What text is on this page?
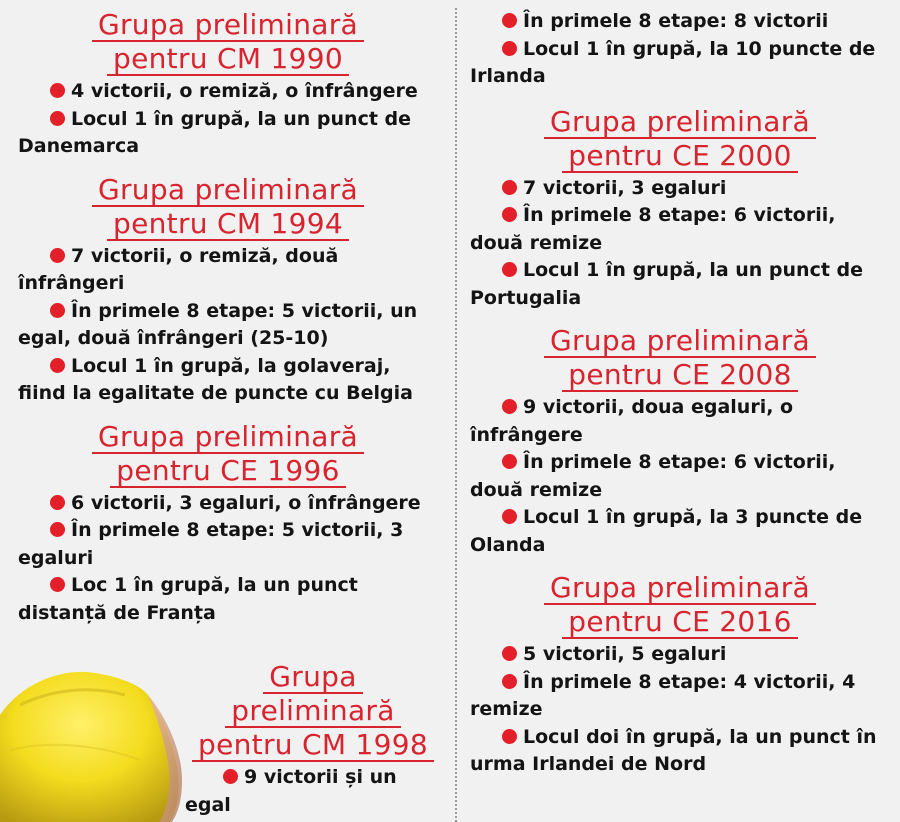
Grupa preliminară
pentru CM 1990
4 victorii, o remiză, o înfrângere
Locul 1 în grupă, la un punct de Danemarca
Grupa preliminară
pentru CM 1994
7 victorii, o remiză, două înfrângeri
În primele 8 etape: 5 victorii, un egal, două înfrângeri (25-10)
Locul 1 în grupă, la golaveraj, fiind la egalitate de puncte cu Belgia
Grupa preliminară
pentru CE 1996
6 victorii, 3 egaluri, o înfrângere
În primele 8 etape: 5 victorii, 3 egaluri
Loc 1 în grupă, la un punct distanță de Franța
Grupa
preliminară
pentru CM 1998
9 victorii și un egal
În primele 8 etape: 8 victorii
Locul 1 în grupă, la 10 puncte de Irlanda
Grupa preliminară
pentru CE 2000
7 victorii, 3 egaluri
În primele 8 etape: 6 victorii, două remize
Locul 1 în grupă, la un punct de Portugalia
Grupa preliminară
pentru CE 2008
9 victorii, doua egaluri, o înfrângere
În primele 8 etape: 6 victorii, două remize
Locul 1 în grupă, la 3 puncte de Olanda
Grupa preliminară
pentru CE 2016
5 victorii, 5 egaluri
În primele 8 etape: 4 victorii, 4 remize
Locul doi în grupă, la un punct în urma Irlandei de Nord
